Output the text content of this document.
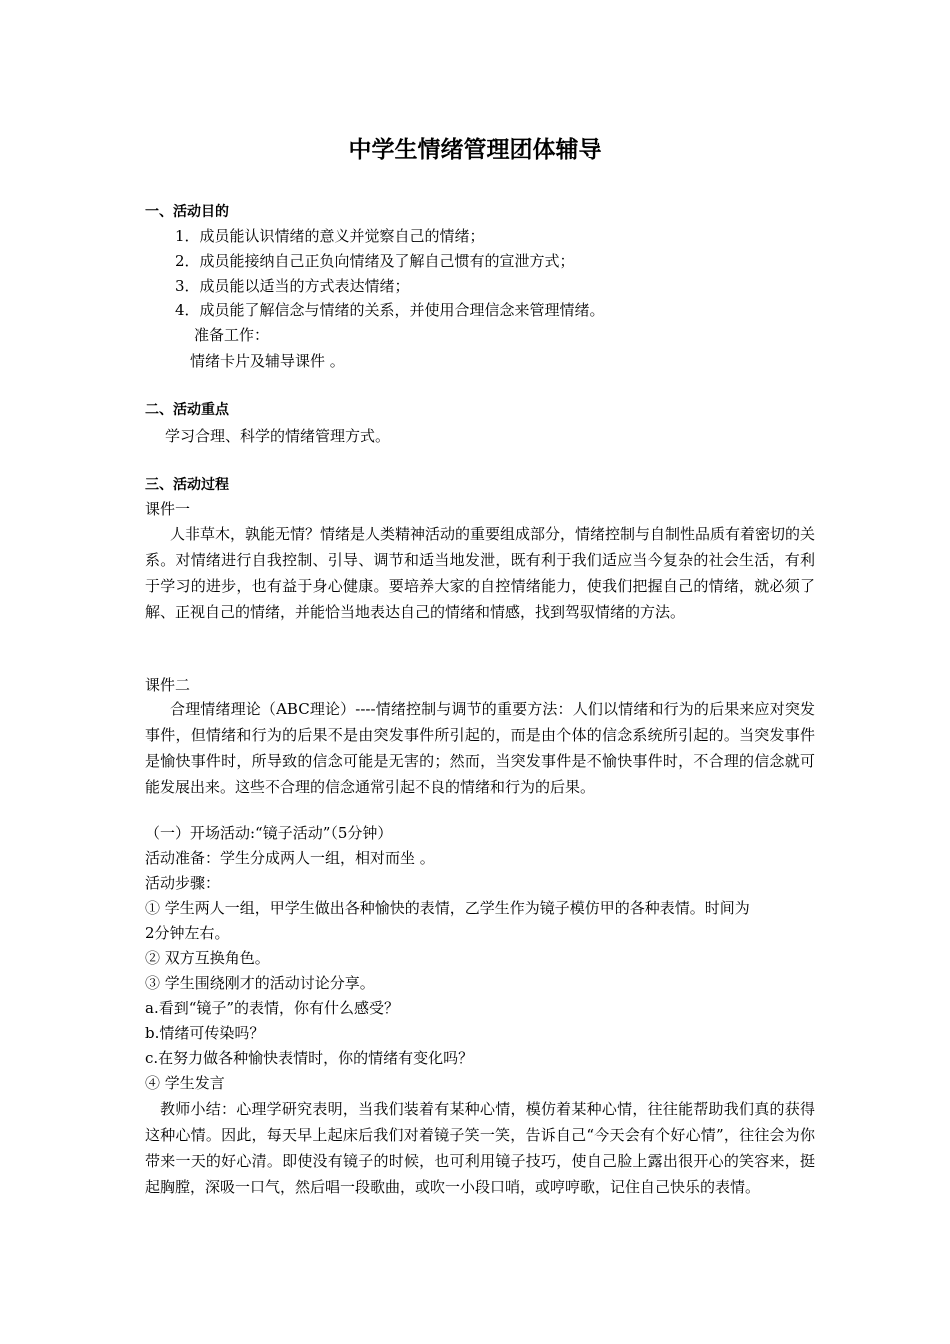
中学生情绪管理团体辅导
一、活动目的
1．成员能认识情绪的意义并觉察自己的情绪；
2．成员能接纳自己正负向情绪及了解自己惯有的宣泄方式；
3．成员能以适当的方式表达情绪；
4．成员能了解信念与情绪的关系，并使用合理信念来管理情绪。
准备工作：
情绪卡片及辅导课件 。
二、活动重点
学习合理、科学的情绪管理方式。
三、活动过程
课件一
人非草木，孰能无情？情绪是人类精神活动的重要组成部分，情绪控制与自制性品质有着密切的关系。对情绪进行自我控制、引导、调节和适当地发泄，既有利于我们适应当今复杂的社会生活，有利于学习的进步，也有益于身心健康。要培养大家的自控情绪能力，使我们把握自己的情绪，就必须了解、正视自己的情绪，并能恰当地表达自己的情绪和情感，找到驾驭情绪的方法。
课件二
合理情绪理论（ABC理论）----情绪控制与调节的重要方法：人们以情绪和行为的后果来应对突发事件，但情绪和行为的后果不是由突发事件所引起的，而是由个体的信念系统所引起的。当突发事件是愉快事件时，所导致的信念可能是无害的；然而，当突发事件是不愉快事件时，不合理的信念就可能发展出来。这些不合理的信念通常引起不良的情绪和行为的后果。
（一）开场活动:“镜子活动”（5分钟）
活动准备：学生分成两人一组，相对而坐 。
活动步骤：
① 学生两人一组，甲学生做出各种愉快的表情，乙学生作为镜子模仿甲的各种表情。时间为
2分钟左右。
② 双方互换角色。
③ 学生围绕刚才的活动讨论分享。
a.看到“镜子”的表情，你有什么感受？
b.情绪可传染吗？
c.在努力做各种愉快表情时，你的情绪有变化吗？
④ 学生发言
教师小结：心理学研究表明，当我们装着有某种心情，模仿着某种心情，往往能帮助我们真的获得这种心情。因此，每天早上起床后我们对着镜子笑一笑，告诉自己“今天会有个好心情”，往往会为你带来一天的好心清。即使没有镜子的时候，也可利用镜子技巧，使自己脸上露出很开心的笑容来，挺起胸膛，深吸一口气，然后唱一段歌曲，或吹一小段口哨，或哼哼歌，记住自己快乐的表情。
